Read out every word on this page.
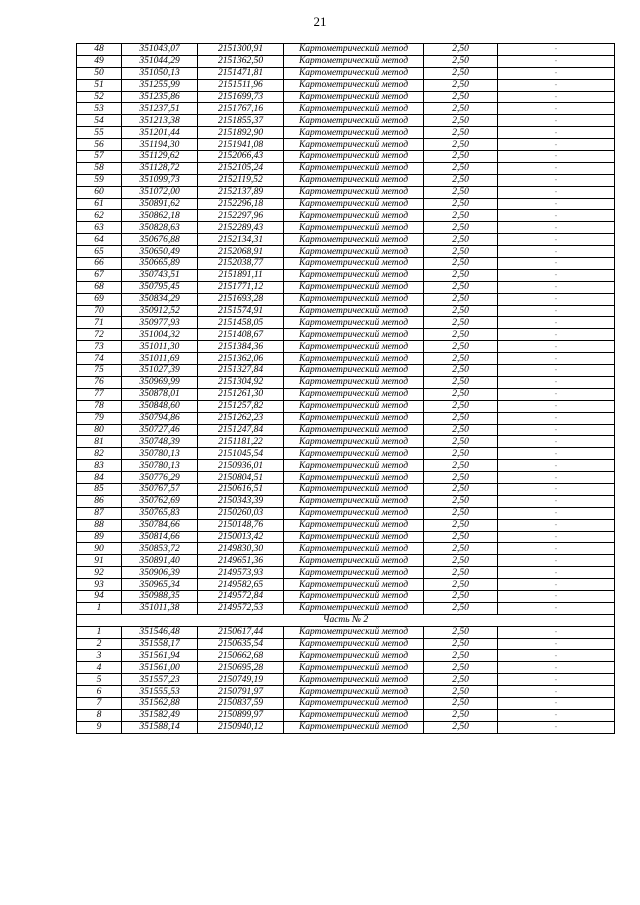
21
48	351043,07	2151300,91	Картометрический метод	2,50	-
49	351044,29	2151362,50	Картометрический метод	2,50	-
50	351050,13	2151471,81	Картометрический метод	2,50	-
51	351255,99	2151511,96	Картометрический метод	2,50	-
52	351235,86	2151699,73	Картометрический метод	2,50	-
53	351237,51	2151767,16	Картометрический метод	2,50	-
54	351213,38	2151855,37	Картометрический метод	2,50	-
55	351201,44	2151892,90	Картометрический метод	2,50	-
56	351194,30	2151941,08	Картометрический метод	2,50	-
57	351129,62	2152066,43	Картометрический метод	2,50	-
58	351128,72	2152105,24	Картометрический метод	2,50	-
59	351099,73	2152119,52	Картометрический метод	2,50	-
60	351072,00	2152137,89	Картометрический метод	2,50	-
61	350891,62	2152296,18	Картометрический метод	2,50	-
62	350862,18	2152297,96	Картометрический метод	2,50	-
63	350828,63	2152289,43	Картометрический метод	2,50	-
64	350676,88	2152134,31	Картометрический метод	2,50	-
65	350650,49	2152068,91	Картометрический метод	2,50	-
66	350665,89	2152038,77	Картометрический метод	2,50	-
67	350743,51	2151891,11	Картометрический метод	2,50	-
68	350795,45	2151771,12	Картометрический метод	2,50	-
69	350834,29	2151693,28	Картометрический метод	2,50	-
70	350912,52	2151574,91	Картометрический метод	2,50	-
71	350977,93	2151458,05	Картометрический метод	2,50	-
72	351004,32	2151408,67	Картометрический метод	2,50	-
73	351011,30	2151384,36	Картометрический метод	2,50	-
74	351011,69	2151362,06	Картометрический метод	2,50	-
75	351027,39	2151327,84	Картометрический метод	2,50	-
76	350969,99	2151304,92	Картометрический метод	2,50	-
77	350878,01	2151261,30	Картометрический метод	2,50	-
78	350848,60	2151257,82	Картометрический метод	2,50	-
79	350794,86	2151262,23	Картометрический метод	2,50	-
80	350727,46	2151247,84	Картометрический метод	2,50	-
81	350748,39	2151181,22	Картометрический метод	2,50	-
82	350780,13	2151045,54	Картометрический метод	2,50	-
83	350780,13	2150936,01	Картометрический метод	2,50	-
84	350776,29	2150804,51	Картометрический метод	2,50	-
85	350767,57	2150616,51	Картометрический метод	2,50	-
86	350762,69	2150343,39	Картометрический метод	2,50	-
87	350765,83	2150260,03	Картометрический метод	2,50	-
88	350784,66	2150148,76	Картометрический метод	2,50	-
89	350814,66	2150013,42	Картометрический метод	2,50	-
90	350853,72	2149830,30	Картометрический метод	2,50	-
91	350891,40	2149651,36	Картометрический метод	2,50	-
92	350906,39	2149573,93	Картометрический метод	2,50	-
93	350965,34	2149582,65	Картометрический метод	2,50	-
94	350988,35	2149572,84	Картометрический метод	2,50	-
1	351011,38	2149572,53	Картометрический метод	2,50	-
Часть № 2					
1	351546,48	2150617,44	Картометрический метод	2,50	-
2	351558,17	2150635,54	Картометрический метод	2,50	-
3	351561,94	2150662,68	Картометрический метод	2,50	-
4	351561,00	2150695,28	Картометрический метод	2,50	-
5	351557,23	2150749,19	Картометрический метод	2,50	-
6	351555,53	2150791,97	Картометрический метод	2,50	-
7	351562,88	2150837,59	Картометрический метод	2,50	-
8	351582,49	2150899,97	Картометрический метод	2,50	-
9	351588,14	2150940,12	Картометрический метод	2,50	-
